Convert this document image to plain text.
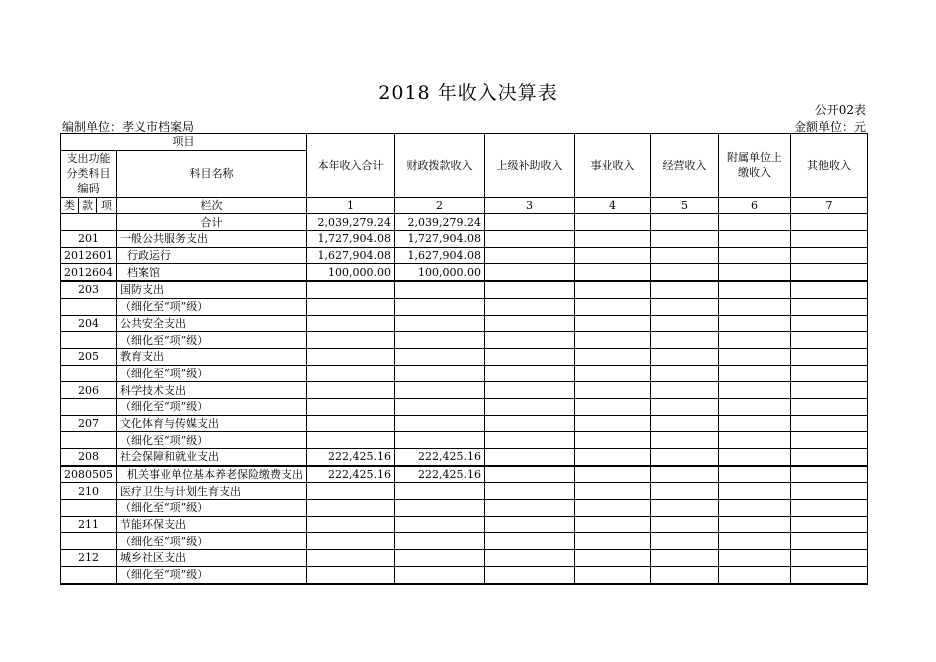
2018 年收入决算表
公开02表
编制单位：孝义市档案局	金额单位：元
项目				本年收入合计	财政拨款收入	上级补助收入	事业收入	经营收入	附属单位上缴收入	其他收入
支出功能分类科目编码			科目名称							
类	款	项								
			栏次	1	2	3	4	5	6	7
			合计	2,039,279.24	2,039,279.24					
201			一般公共服务支出	1,727,904.08	1,727,904.08					
2012601			行政运行	1,627,904.08	1,627,904.08					
2012604			档案馆	100,000.00	100,000.00					
203			国防支出							
			（细化至“项”级）							
204			公共安全支出							
			（细化至“项”级）							
205			教育支出							
			（细化至“项”级）							
206			科学技术支出							
			（细化至“项”级）							
207			文化体育与传媒支出							
			（细化至“项”级）							
208			社会保障和就业支出	222,425.16	222,425.16					
2080505			机关事业单位基本养老保险缴费支出	222,425.16	222,425.16					
210			医疗卫生与计划生育支出							
			（细化至“项”级）							
211			节能环保支出							
			（细化至“项”级）							
212			城乡社区支出							
			（细化至“项”级）							
